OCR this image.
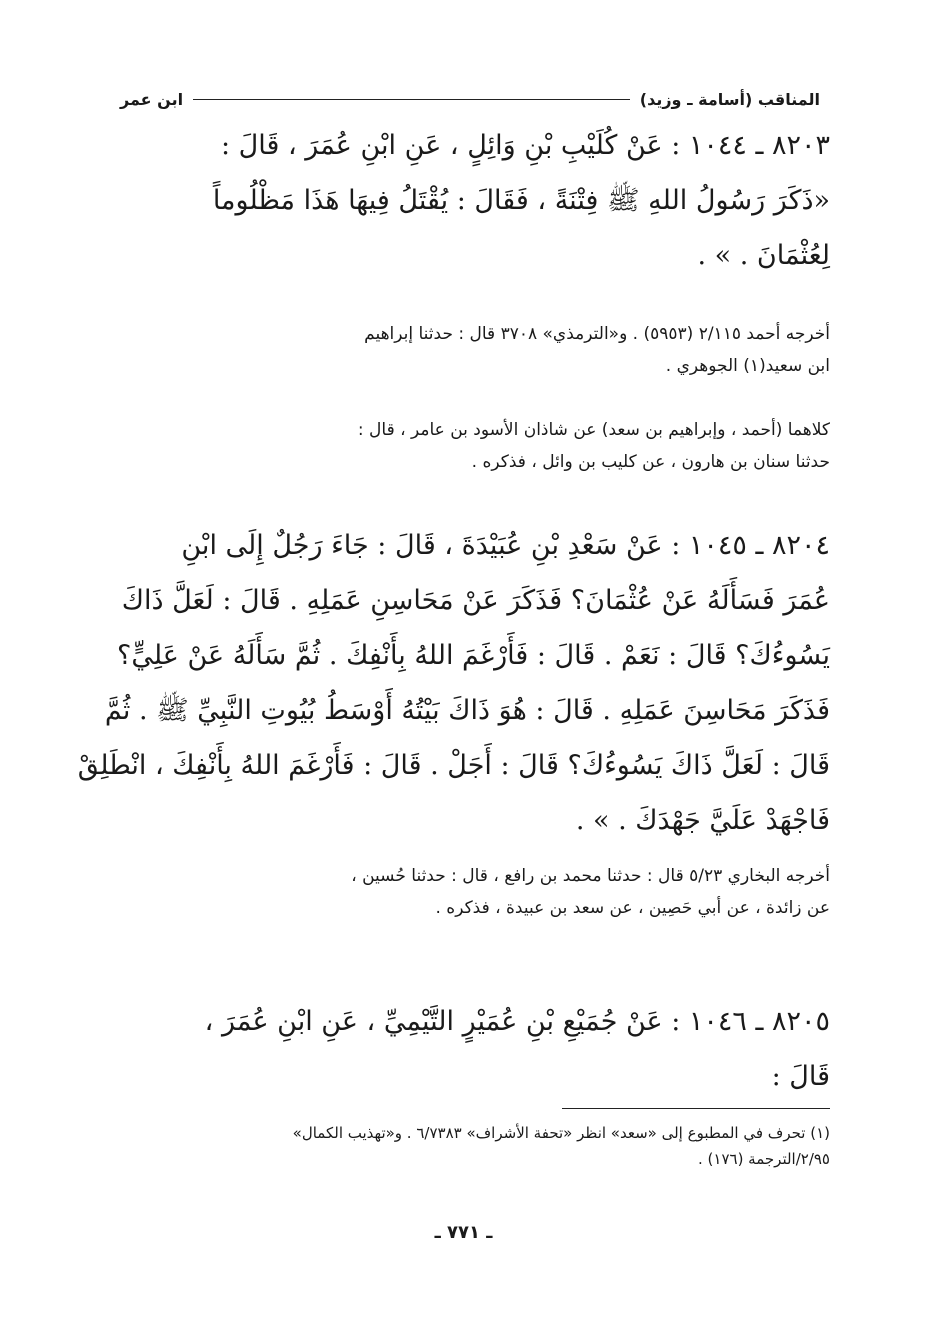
المناقب (أسامة ـ وزيد)
ابن عمر
٨٢٠٣ ـ ١٠٤٤ : عَنْ كُلَيْبِ بْنِ وَائِلٍ ، عَنِ ابْنِ عُمَرَ ، قَالَ :
«ذَكَرَ رَسُولُ اللهِ ﷺ فِتْنَةً ، فَقَالَ : يُقْتَلُ فِيهَا هَذَا مَظْلُوماً
لِعُثْمَانَ . » .
أخرجه أحمد ٢/١١٥ (٥٩٥٣) . و«الترمذي» ٣٧٠٨ قال : حدثنا إبراهيم
ابن سعيد(١) الجوهري .
كلاهما (أحمد ، وإبراهيم بن سعد) عن شاذان الأسود بن عامر ، قال :
حدثنا سنان بن هارون ، عن كليب بن وائل ، فذكره .
٨٢٠٤ ـ ١٠٤٥ : عَنْ سَعْدِ بْنِ عُبَيْدَةَ ، قَالَ : جَاءَ رَجُلٌ إِلَى ابْنِ
عُمَرَ فَسَأَلَهُ عَنْ عُثْمَانَ؟ فَذَكَرَ عَنْ مَحَاسِنِ عَمَلِهِ . قَالَ : لَعَلَّ ذَاكَ
يَسُوءُكَ؟ قَالَ : نَعَمْ . قَالَ : فَأَرْغَمَ اللهُ بِأَنْفِكَ . ثُمَّ سَأَلَهُ عَنْ عَلِيٍّ؟
فَذَكَرَ مَحَاسِنَ عَمَلِهِ . قَالَ : هُوَ ذَاكَ بَيْتُهُ أَوْسَطُ بُيُوتِ النَّبِيِّ ﷺ . ثُمَّ
قَالَ : لَعَلَّ ذَاكَ يَسُوءُكَ؟ قَالَ : أَجَلْ . قَالَ : فَأَرْغَمَ اللهُ بِأَنْفِكَ ، انْطَلِقْ
فَاجْهَدْ عَلَيَّ جَهْدَكَ . » .
أخرجه البخاري ٥/٢٣ قال : حدثنا محمد بن رافع ، قال : حدثنا حُسين ،
عن زائدة ، عن أبي حَصِين ، عن سعد بن عبيدة ، فذكره .
٨٢٠٥ ـ ١٠٤٦ : عَنْ جُمَيْعِ بْنِ عُمَيْرٍ التَّيْمِيِّ ، عَنِ ابْنِ عُمَرَ ،
قَالَ :
(١) تحرف في المطبوع إلى «سعد» انظر «تحفة الأشراف» ٦/٧٣٨٣ . و«تهذيب الكمال»
٢/٩٥/الترجمة (١٧٦) .
ـ ٧٧١ ـ
